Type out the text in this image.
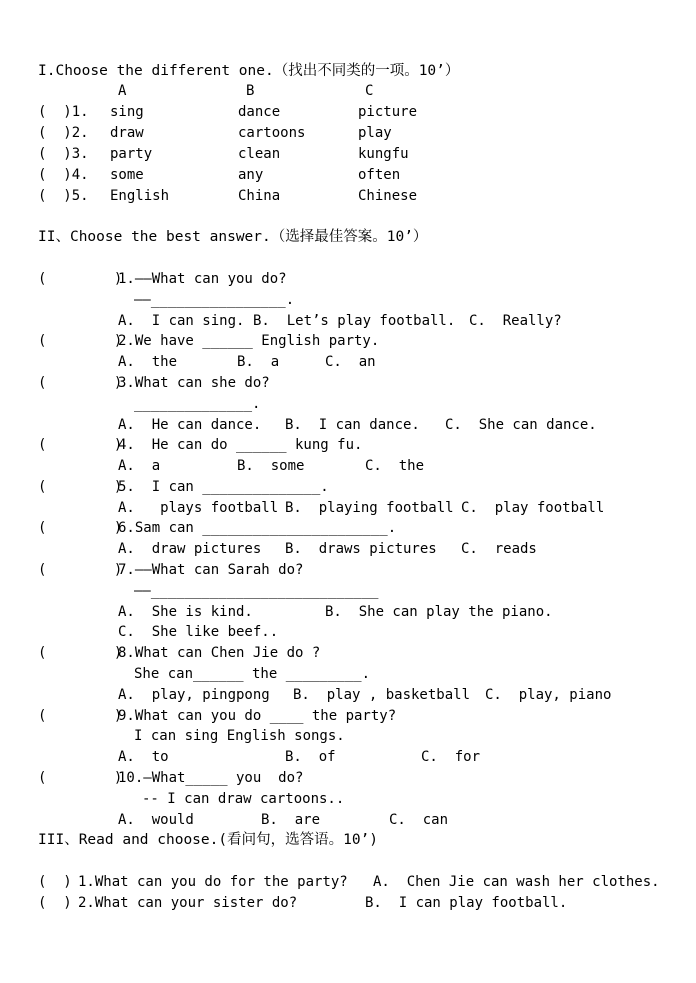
I.Choose the different one.（找出不同类的一项。10’）
A	B	C
(  )1. sing	dance	picture
(  )2. draw	cartoons	play
(  )3. party	clean	kungfu
(  )4. some	any	often
(  )5. English	China	Chinese
II、Choose the best answer.（选择最佳答案。10’）
(        )
1.——What can you do?
——________________.
A.  I can sing. B.  Let’s play football. C.  Really?
(        )
2.We have ______ English party.
A.  the	B.  a	C.  an
(        )
3.What can she do?
______________.
A.  He can dance. B.  I can dance. C.  She can dance.
(        )
4.  He can do ______ kung fu.
A.  a	B.  some	C.  the
(        )
5.  I can ______________.
A.   plays football B.  playing football C.  play football
(        )
6.Sam can ______________________.
A.  draw pictures B.  draws pictures C.  reads
(        )
7.——What can Sarah do?
——___________________________
A.  She is kind.	B.  She can play the piano.
C.  She like beef..
(        )
8.What can Chen Jie do ?
She can______ the _________.
A.  play, pingpong B.  play , basketball C.  play, piano
(        )
9.What can you do ____ the party?
I can sing English songs.
A.  to	B.  of	C.  for
(        )
10.—What_____ you  do?
-- I can draw cartoons..
A.  would	B.  are	C.  can
III、Read and choose.(看问句，选答语。10’)
(  ) 1.What can you do for the party? A.  Chen Jie can wash her clothes.
(  ) 2.What can your sister do?	B.  I can play football.
